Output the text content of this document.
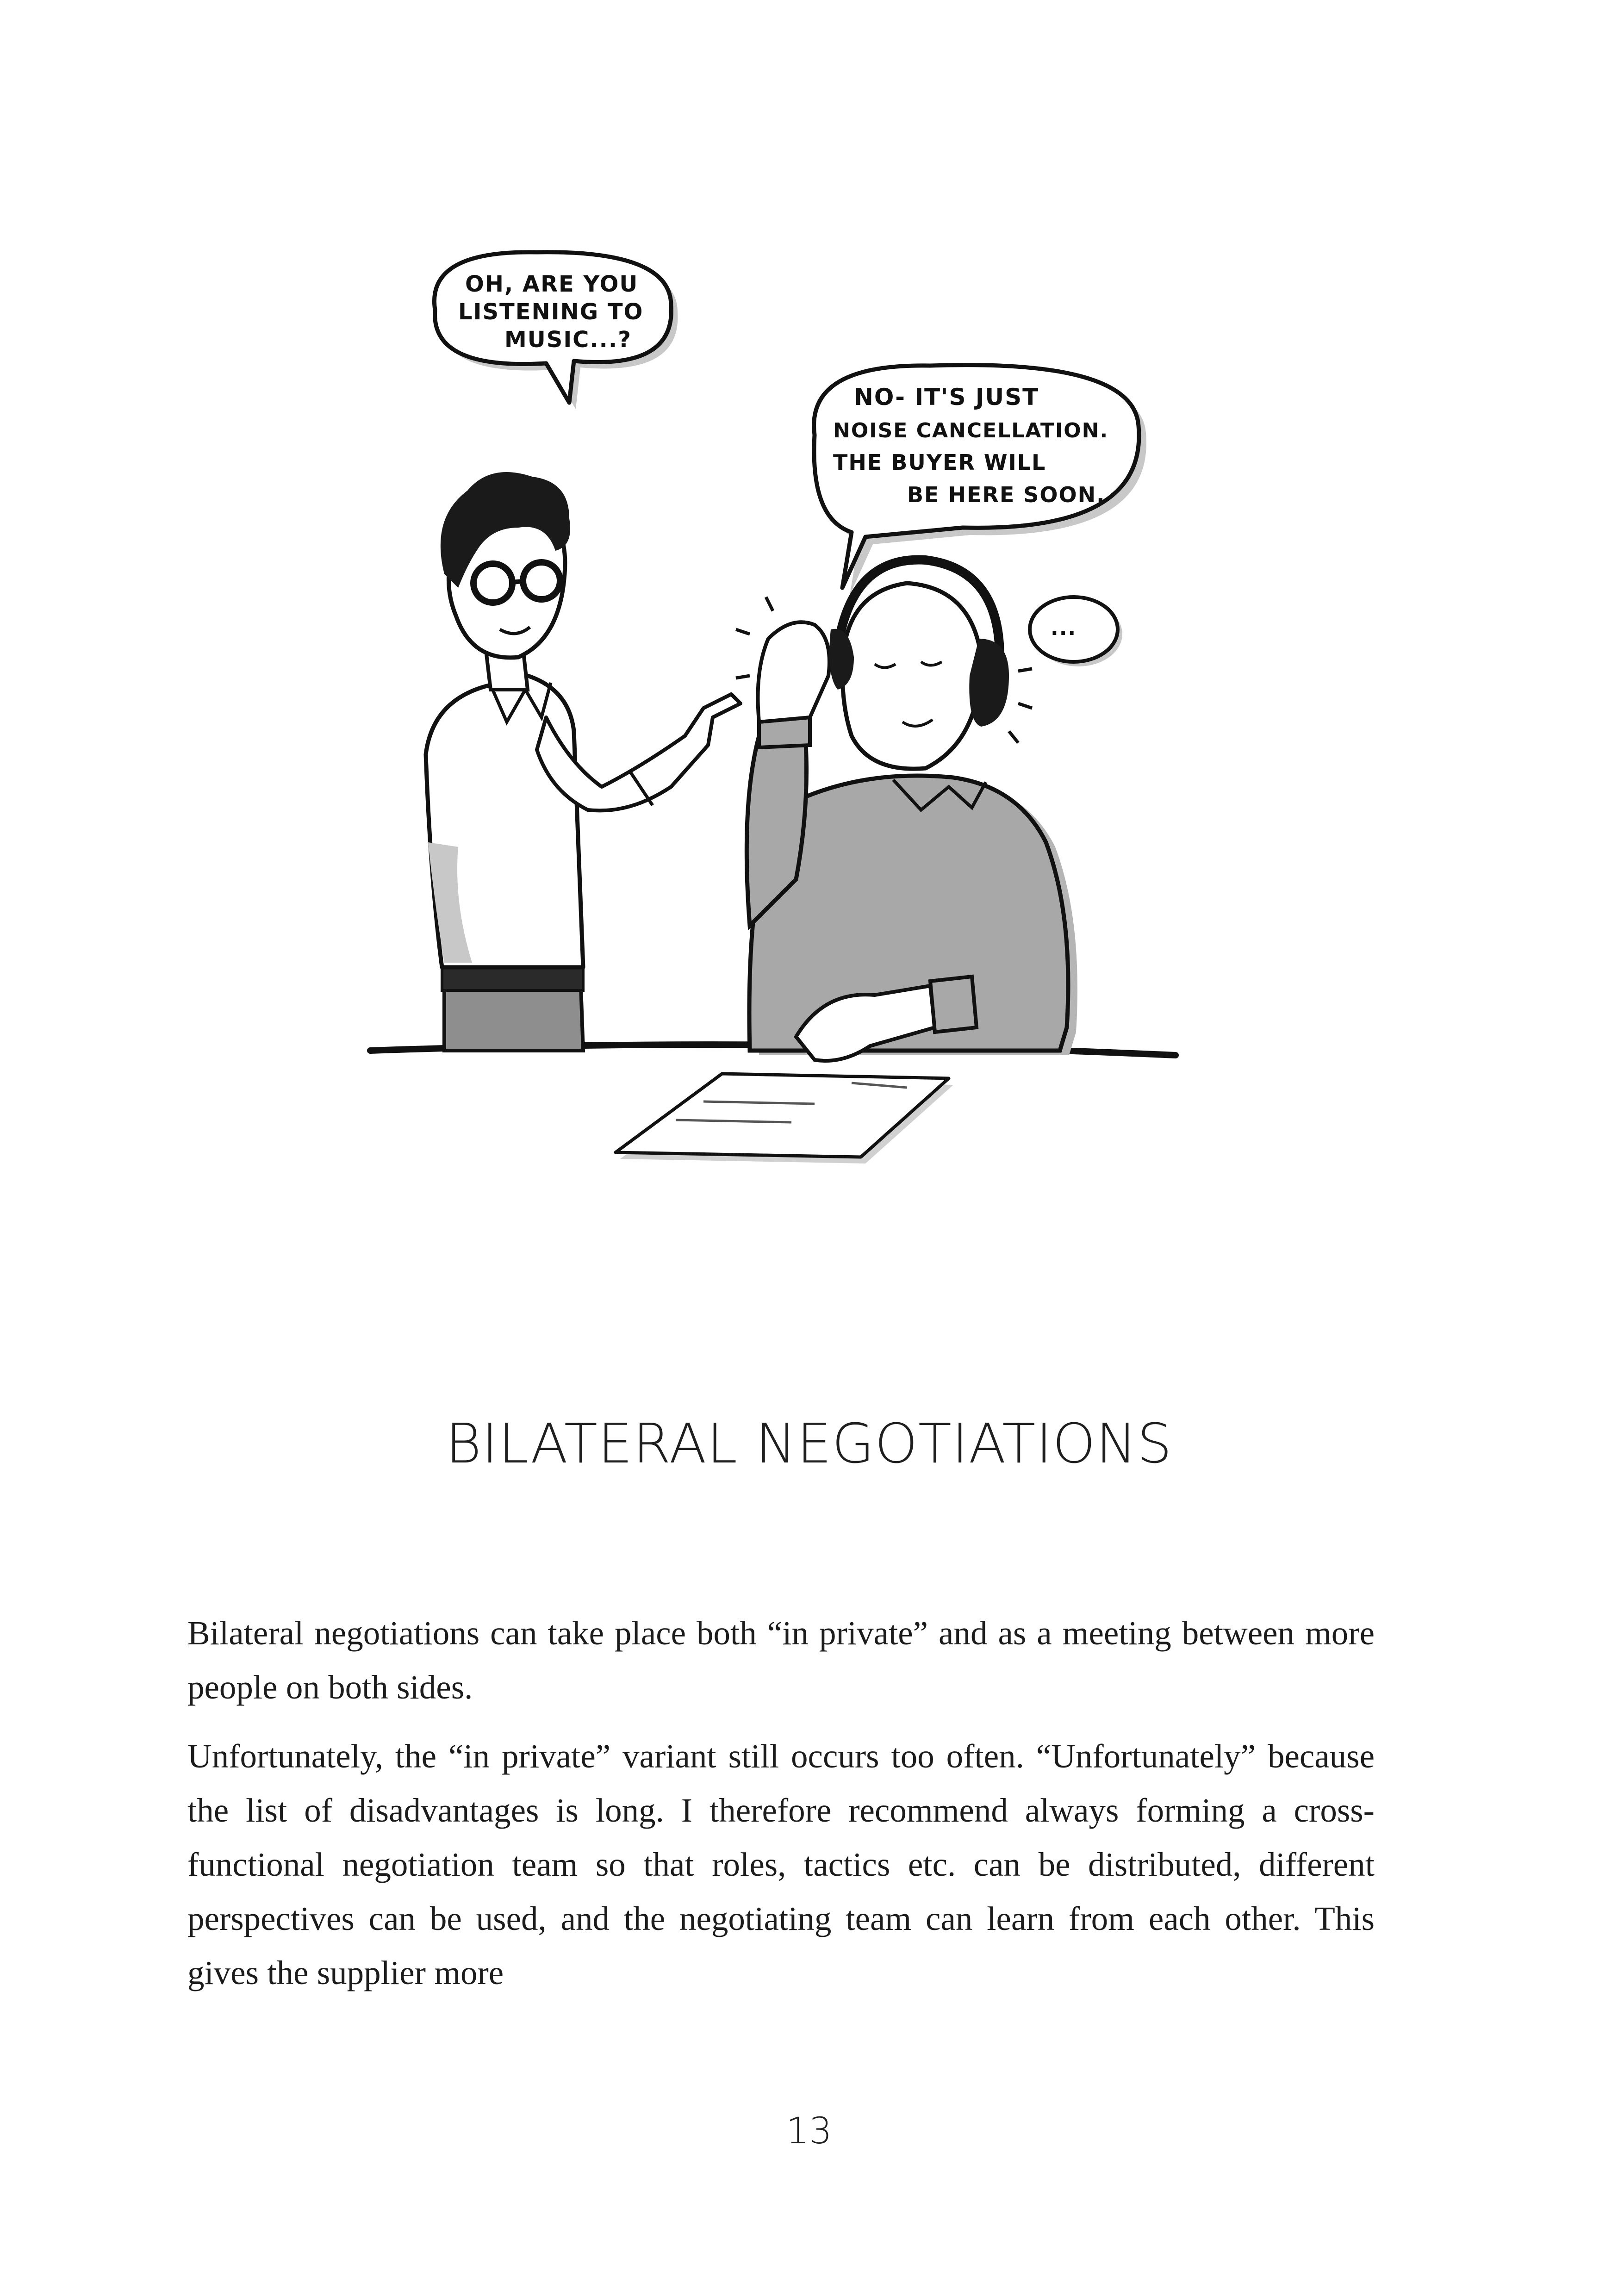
OH, ARE YOU
LISTENING TO
MUSIC...?
NO- IT'S JUST
NOISE CANCELLATION.
THE BUYER WILL
BE HERE SOON.
...
BILATERAL NEGOTIATIONS

Bilateral negotiations can take place both “in private” and as a meeting between more people on both sides.

Unfortunately, the “in private” variant still occurs too often. “Unfortunately” because the list of disadvantages is long. I therefore recommend always forming a cross-functional negotiation team so that roles, tactics etc. can be distributed, different perspectives can be used, and the negotiating team can learn from each other. This gives the supplier more

13
